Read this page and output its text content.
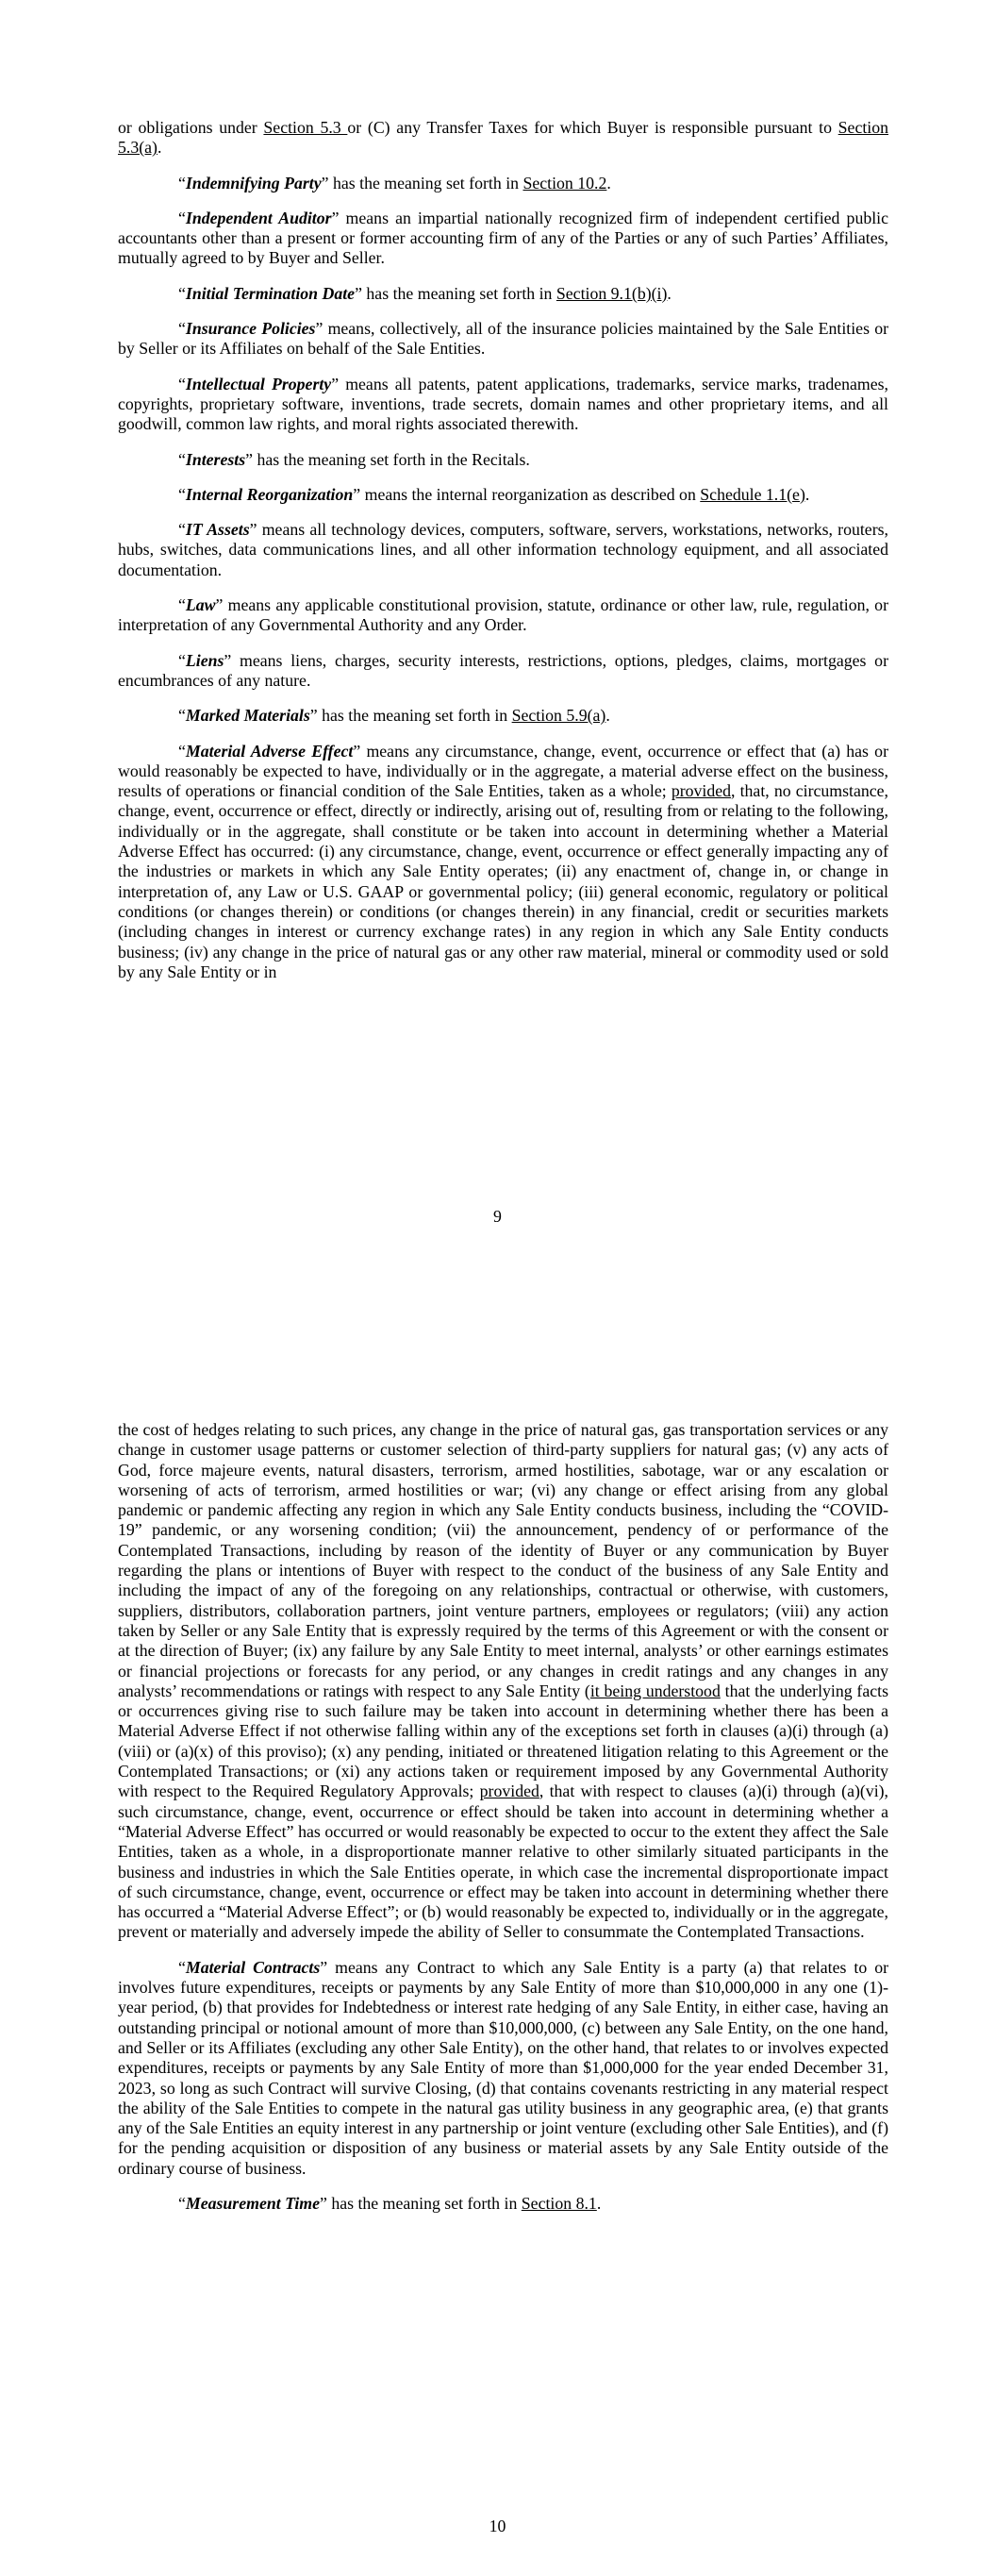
or obligations under Section 5.3 or (C) any Transfer Taxes for which Buyer is responsible pursuant to Section 5.3(a).

“Indemnifying Party” has the meaning set forth in Section 10.2.

“Independent Auditor” means an impartial nationally recognized firm of independent certified public accountants other than a present or former accounting firm of any of the Parties or any of such Parties’ Affiliates, mutually agreed to by Buyer and Seller.

“Initial Termination Date” has the meaning set forth in Section 9.1(b)(i).

“Insurance Policies” means, collectively, all of the insurance policies maintained by the Sale Entities or by Seller or its Affiliates on behalf of the Sale Entities.

“Intellectual Property” means all patents, patent applications, trademarks, service marks, tradenames, copyrights, proprietary software, inventions, trade secrets, domain names and other proprietary items, and all goodwill, common law rights, and moral rights associated therewith.

“Interests” has the meaning set forth in the Recitals.

“Internal Reorganization” means the internal reorganization as described on Schedule 1.1(e).

“IT Assets” means all technology devices, computers, software, servers, workstations, networks, routers, hubs, switches, data communications lines, and all other information technology equipment, and all associated documentation.

“Law” means any applicable constitutional provision, statute, ordinance or other law, rule, regulation, or interpretation of any Governmental Authority and any Order.

“Liens” means liens, charges, security interests, restrictions, options, pledges, claims, mortgages or encumbrances of any nature.

“Marked Materials” has the meaning set forth in Section 5.9(a).

“Material Adverse Effect” means any circumstance, change, event, occurrence or effect that (a) has or would reasonably be expected to have, individually or in the aggregate, a material adverse effect on the business, results of operations or financial condition of the Sale Entities, taken as a whole; provided, that, no circumstance, change, event, occurrence or effect, directly or indirectly, arising out of, resulting from or relating to the following, individually or in the aggregate, shall constitute or be taken into account in determining whether a Material Adverse Effect has occurred: (i) any circumstance, change, event, occurrence or effect generally impacting any of the industries or markets in which any Sale Entity operates; (ii) any enactment of, change in, or change in interpretation of, any Law or U.S. GAAP or governmental policy; (iii) general economic, regulatory or political conditions (or changes therein) or conditions (or changes therein) in any financial, credit or securities markets (including changes in interest or currency exchange rates) in any region in which any Sale Entity conducts business; (iv) any change in the price of natural gas or any other raw material, mineral or commodity used or sold by any Sale Entity or in

9

the cost of hedges relating to such prices, any change in the price of natural gas, gas transportation services or any change in customer usage patterns or customer selection of third-party suppliers for natural gas; (v) any acts of God, force majeure events, natural disasters, terrorism, armed hostilities, sabotage, war or any escalation or worsening of acts of terrorism, armed hostilities or war; (vi) any change or effect arising from any global pandemic or pandemic affecting any region in which any Sale Entity conducts business, including the “COVID-19” pandemic, or any worsening condition; (vii) the announcement, pendency of or performance of the Contemplated Transactions, including by reason of the identity of Buyer or any communication by Buyer regarding the plans or intentions of Buyer with respect to the conduct of the business of any Sale Entity and including the impact of any of the foregoing on any relationships, contractual or otherwise, with customers, suppliers, distributors, collaboration partners, joint venture partners, employees or regulators; (viii) any action taken by Seller or any Sale Entity that is expressly required by the terms of this Agreement or with the consent or at the direction of Buyer; (ix) any failure by any Sale Entity to meet internal, analysts’ or other earnings estimates or financial projections or forecasts for any period, or any changes in credit ratings and any changes in any analysts’ recommendations or ratings with respect to any Sale Entity (it being understood that the underlying facts or occurrences giving rise to such failure may be taken into account in determining whether there has been a Material Adverse Effect if not otherwise falling within any of the exceptions set forth in clauses (a)(i) through (a)(viii) or (a)(x) of this proviso); (x) any pending, initiated or threatened litigation relating to this Agreement or the Contemplated Transactions; or (xi) any actions taken or requirement imposed by any Governmental Authority with respect to the Required Regulatory Approvals; provided, that with respect to clauses (a)(i) through (a)(vi), such circumstance, change, event, occurrence or effect should be taken into account in determining whether a “Material Adverse Effect” has occurred or would reasonably be expected to occur to the extent they affect the Sale Entities, taken as a whole, in a disproportionate manner relative to other similarly situated participants in the business and industries in which the Sale Entities operate, in which case the incremental disproportionate impact of such circumstance, change, event, occurrence or effect may be taken into account in determining whether there has occurred a “Material Adverse Effect”; or (b) would reasonably be expected to, individually or in the aggregate, prevent or materially and adversely impede the ability of Seller to consummate the Contemplated Transactions.

“Material Contracts” means any Contract to which any Sale Entity is a party (a) that relates to or involves future expenditures, receipts or payments by any Sale Entity of more than $10,000,000 in any one (1)-year period, (b) that provides for Indebtedness or interest rate hedging of any Sale Entity, in either case, having an outstanding principal or notional amount of more than $10,000,000, (c) between any Sale Entity, on the one hand, and Seller or its Affiliates (excluding any other Sale Entity), on the other hand, that relates to or involves expected expenditures, receipts or payments by any Sale Entity of more than $1,000,000 for the year ended December 31, 2023, so long as such Contract will survive Closing, (d) that contains covenants restricting in any material respect the ability of the Sale Entities to compete in the natural gas utility business in any geographic area, (e) that grants any of the Sale Entities an equity interest in any partnership or joint venture (excluding other Sale Entities), and (f) for the pending acquisition or disposition of any business or material assets by any Sale Entity outside of the ordinary course of business.

“Measurement Time” has the meaning set forth in Section 8.1.

10
